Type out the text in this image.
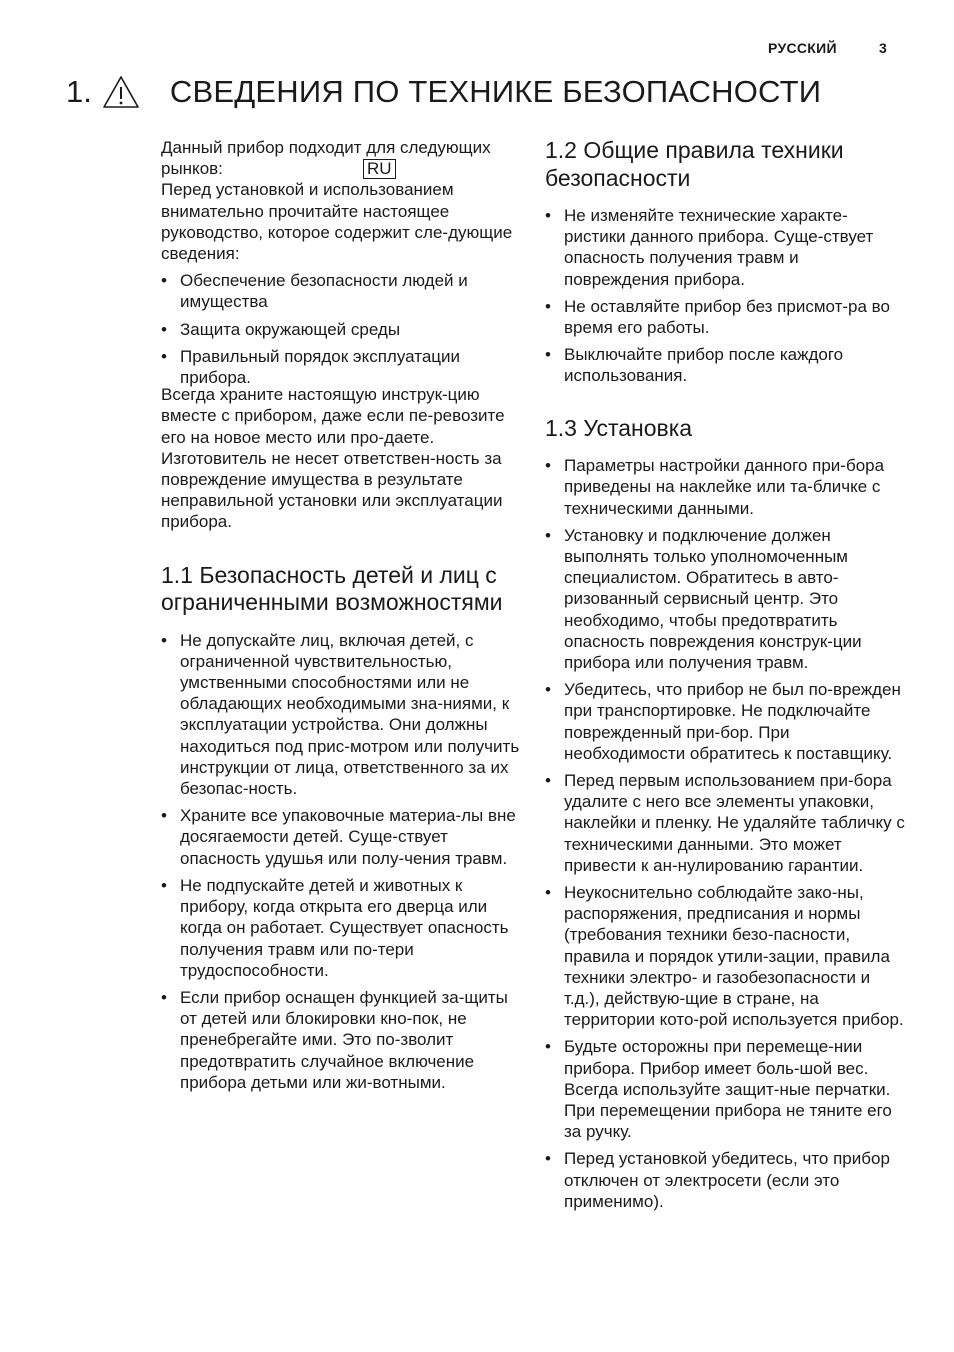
РУССКИЙ	3
1.	СВЕДЕНИЯ ПО ТЕХНИКЕ БЕЗОПАСНОСТИ

Данный прибор подходит для следующих рынков:	RU

Перед установкой и использованием внимательно прочитайте настоящее руководство, которое содержит сле-дующие сведения:

• Обеспечение безопасности людей и имущества
• Защита окружающей среды
• Правильный порядок эксплуатации прибора.

Всегда храните настоящую инструк-цию вместе с прибором, даже если пе-ревозите его на новое место или про-даете.

Изготовитель не несет ответствен-ность за повреждение имущества в результате неправильной установки или эксплуатации прибора.

1.1 Безопасность детей и лиц с ограниченными возможностями
• Не допускайте лиц, включая детей, с ограниченной чувствительностью, умственными способностями или не обладающих необходимыми зна-ниями, к эксплуатации устройства. Они должны находиться под прис-мотром или получить инструкции от лица, ответственного за их безопас-ность.
• Храните все упаковочные материа-лы вне досягаемости детей. Суще-ствует опасность удушья или полу-чения травм.
• Не подпускайте детей и животных к прибору, когда открыта его дверца или когда он работает. Существует опасность получения травм или по-тери трудоспособности.
• Если прибор оснащен функцией за-щиты от детей или блокировки кно-пок, не пренебрегайте ими. Это по-зволит предотвратить случайное включение прибора детьми или жи-вотными.
1.2 Общие правила техники безопасности
• Не изменяйте технические характе-ристики данного прибора. Суще-ствует опасность получения травм и повреждения прибора.
• Не оставляйте прибор без присмот-ра во время его работы.
• Выключайте прибор после каждого использования.
1.3 Установка
• Параметры настройки данного при-бора приведены на наклейке или та-бличке с техническими данными.
• Установку и подключение должен выполнять только уполномоченным специалистом. Обратитесь в авто-ризованный сервисный центр. Это необходимо, чтобы предотвратить опасность повреждения конструк-ции прибора или получения травм.
• Убедитесь, что прибор не был по-врежден при транспортировке. Не подключайте поврежденный при-бор. При необходимости обратитесь к поставщику.
• Перед первым использованием при-бора удалите с него все элементы упаковки, наклейки и пленку. Не удаляйте табличку с техническими данными. Это может привести к ан-нулированию гарантии.
• Неукоснительно соблюдайте зако-ны, распоряжения, предписания и нормы (требования техники безо-пасности, правила и порядок утили-зации, правила техники электро- и газобезопасности и т.д.), действую-щие в стране, на территории кото-рой используется прибор.
• Будьте осторожны при перемеще-нии прибора. Прибор имеет боль-шой вес. Всегда используйте защит-ные перчатки. При перемещении прибора не тяните его за ручку.
• Перед установкой убедитесь, что прибор отключен от электросети (если это применимо).
